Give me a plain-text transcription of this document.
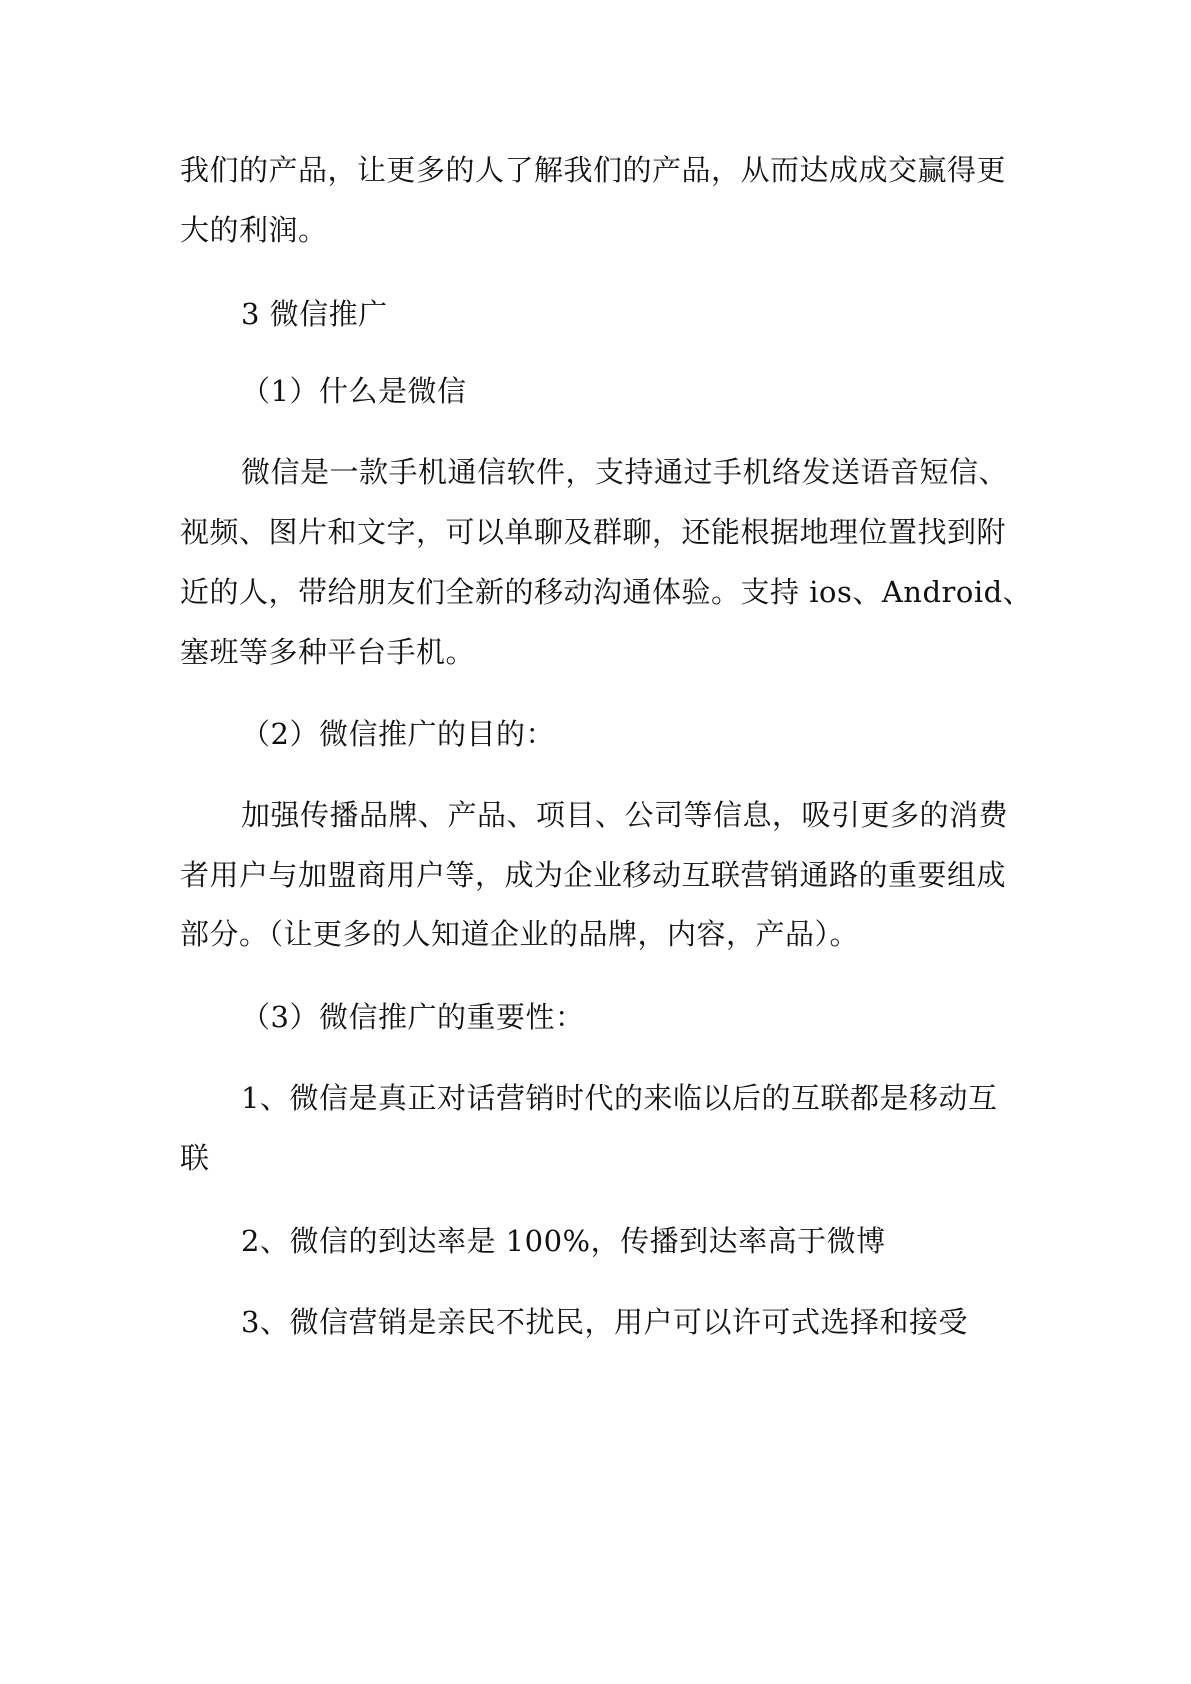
我们的产品，让更多的人了解我们的产品，从而达成成交赢得更
大的利润。
3 微信推广
（1）什么是微信
微信是一款手机通信软件，支持通过手机络发送语音短信、
视频、图片和文字，可以单聊及群聊，还能根据地理位置找到附
近的人，带给朋友们全新的移动沟通体验。支持 ios、Android、
塞班等多种平台手机。
（2）微信推广的目的：
加强传播品牌、产品、项目、公司等信息，吸引更多的消费
者用户与加盟商用户等，成为企业移动互联营销通路的重要组成
部分。（让更多的人知道企业的品牌，内容，产品）。
（3）微信推广的重要性：
1、微信是真正对话营销时代的来临以后的互联都是移动互
联
2、微信的到达率是 100%，传播到达率高于微博
3、微信营销是亲民不扰民，用户可以许可式选择和接受
